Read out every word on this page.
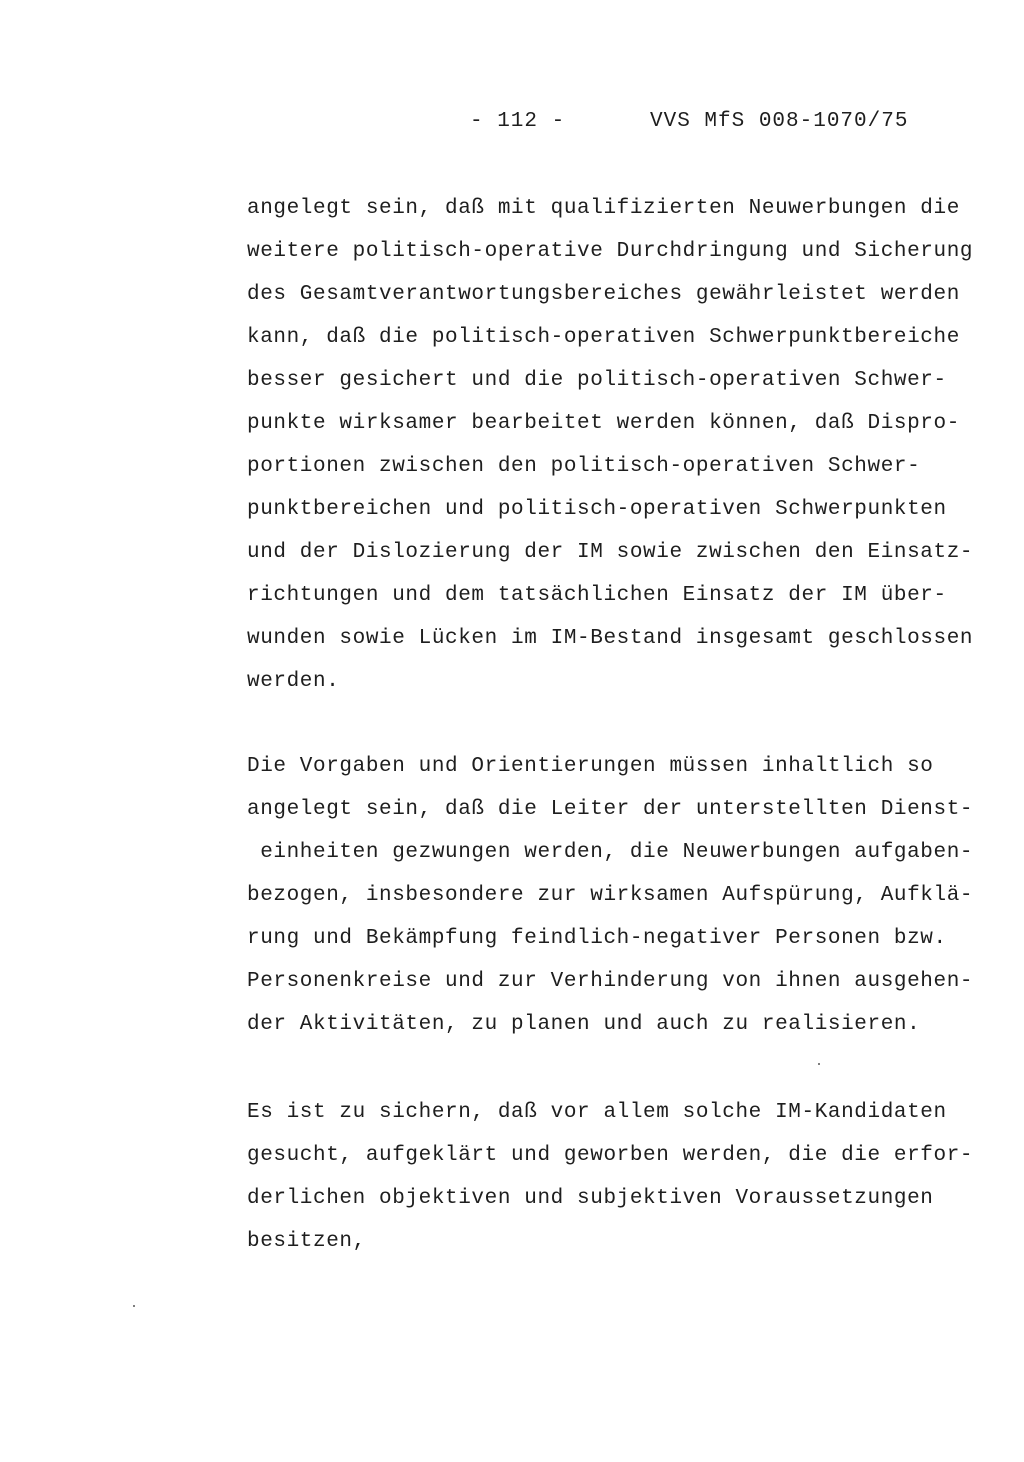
- 112 -	VVS MfS 008-1070/75
angelegt sein, daß mit qualifizierten Neuwerbungen die
weitere politisch-operative Durchdringung und Sicherung
des Gesamtverantwortungsbereiches gewährleistet werden
kann, daß die politisch-operativen Schwerpunktbereiche
besser gesichert und die politisch-operativen Schwer-
punkte wirksamer bearbeitet werden können, daß Dispro-
portionen zwischen den politisch-operativen Schwer-
punktbereichen und politisch-operativen Schwerpunkten
und der Dislozierung der IM sowie zwischen den Einsatz-
richtungen und dem tatsächlichen Einsatz der IM über-
wunden sowie Lücken im IM-Bestand insgesamt geschlossen
werden.
Die Vorgaben und Orientierungen müssen inhaltlich so
angelegt sein, daß die Leiter der unterstellten Dienst-
einheiten gezwungen werden, die Neuwerbungen aufgaben-
bezogen, insbesondere zur wirksamen Aufspürung, Aufklä-
rung und Bekämpfung feindlich-negativer Personen bzw.
Personenkreise und zur Verhinderung von ihnen ausgehen-
der Aktivitäten, zu planen und auch zu realisieren.
Es ist zu sichern, daß vor allem solche IM-Kandidaten
gesucht, aufgeklärt und geworben werden, die die erfor-
derlichen objektiven und subjektiven Voraussetzungen
besitzen,
